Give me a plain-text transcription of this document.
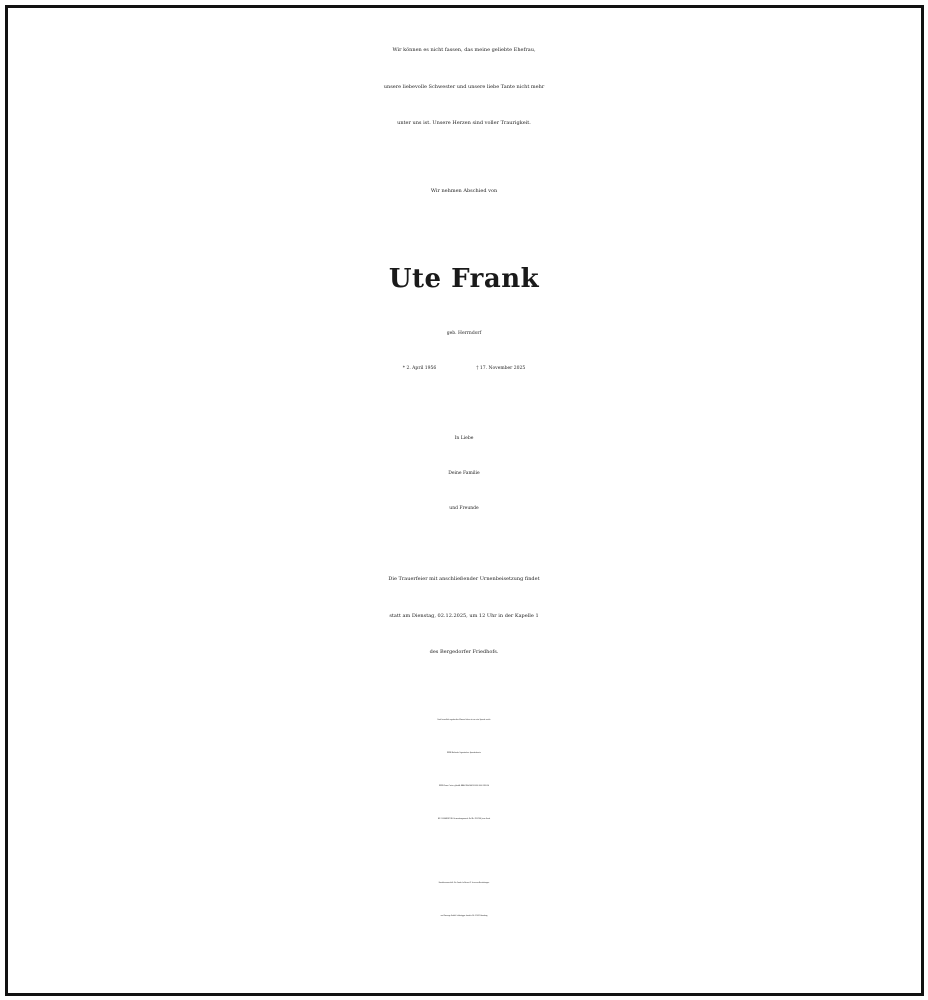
Wir können es nicht fassen, das meine geliebte Ehefrau,
unsere liebevolle Schwester und unsere liebe Tante nicht mehr
unter uns ist. Unsere Herzen sind voller Traurigkeit.
Wir nehmen Abschied von
Ute Frank
geb. Herrndorf
* 2. April 1956	† 17. November 2025
In Liebe
Deine Familie
und Freunde
Die Trauerfeier mit anschließender Urnenbeisetzung findet
statt am Dienstag, 02.12.2025, um 12 Uhr in der Kapelle 1
des Bergedorfer Friedhofs.
Statt freundlich zugedachter Blumen bitten wir um eine Spende an die
DKMS Blutkrebs Organisation, Spendenkonto:
DKMS Donor Center gGmbH, IBAN: DE64 6415 0020 0000 2555 56
BIC: SOLADES1TUB, Verwendungszweck: Ref Nr. 2517265 Jesse Frank
Kondolenzanschrift: Ute Frank c/o Bennet P. Leverenz Bestattungen
und Vorsorge GmbH, Lohbrügger Landstr. 36, 21031 Hamburg
